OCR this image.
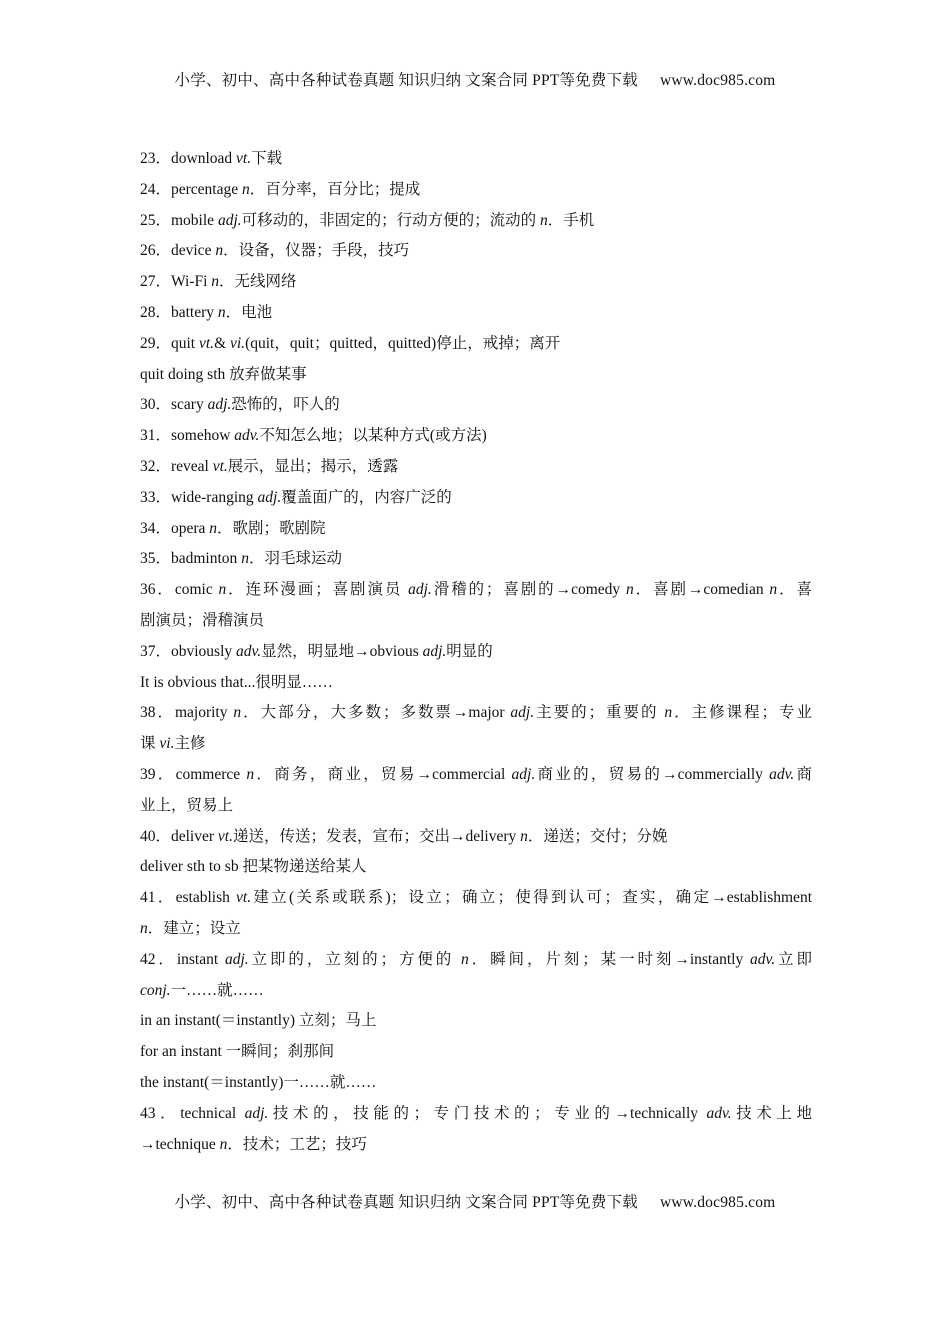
小学、初中、高中各种试卷真题 知识归纳 文案合同 PPT等免费下载 www.doc985.com
23．download vt.下载
24．percentage n．百分率，百分比；提成
25．mobile adj.可移动的，非固定的；行动方便的；流动的 n．手机
26．device n．设备，仪器；手段，技巧
27．Wi-Fi n．无线网络
28．battery n．电池
29．quit vt.& vi.(quit，quit；quitted，quitted)停止，戒掉；离开
quit doing sth 放弃做某事
30．scary adj.恐怖的，吓人的
31．somehow adv.不知怎么地；以某种方式(或方法)
32．reveal vt.展示，显出；揭示，透露
33．wide-ranging adj.覆盖面广的，内容广泛的
34．opera n．歌剧；歌剧院
35．badminton n．羽毛球运动
36．comic n．连环漫画；喜剧演员 adj.滑稽的；喜剧的→comedy n．喜剧→comedian n．喜
剧演员；滑稽演员
37．obviously adv.显然，明显地→obvious adj.明显的
It is obvious that...很明显……
38．majority n．大部分，大多数；多数票→major adj.主要的；重要的 n．主修课程；专业
课 vi.主修
39．commerce n．商务，商业，贸易→commercial adj.商业的，贸易的→commercially adv.商
业上，贸易上
40．deliver vt.递送，传送；发表，宣布；交出→delivery n．递送；交付；分娩
deliver sth to sb 把某物递送给某人
41．establish vt.建立(关系或联系)；设立；确立；使得到认可；查实，确定→establishment
n．建立；设立
42．instant adj.立即的，立刻的；方便的 n．瞬间，片刻；某一时刻→instantly adv.立即
conj.一……就……
in an instant(＝instantly) 立刻；马上
for an instant 一瞬间；刹那间
the instant(＝instantly)一……就……
43．technical adj.技术的，技能的；专门技术的；专业的→technically adv.技术上地
→technique n．技术；工艺；技巧
小学、初中、高中各种试卷真题 知识归纳 文案合同 PPT等免费下载 www.doc985.com
